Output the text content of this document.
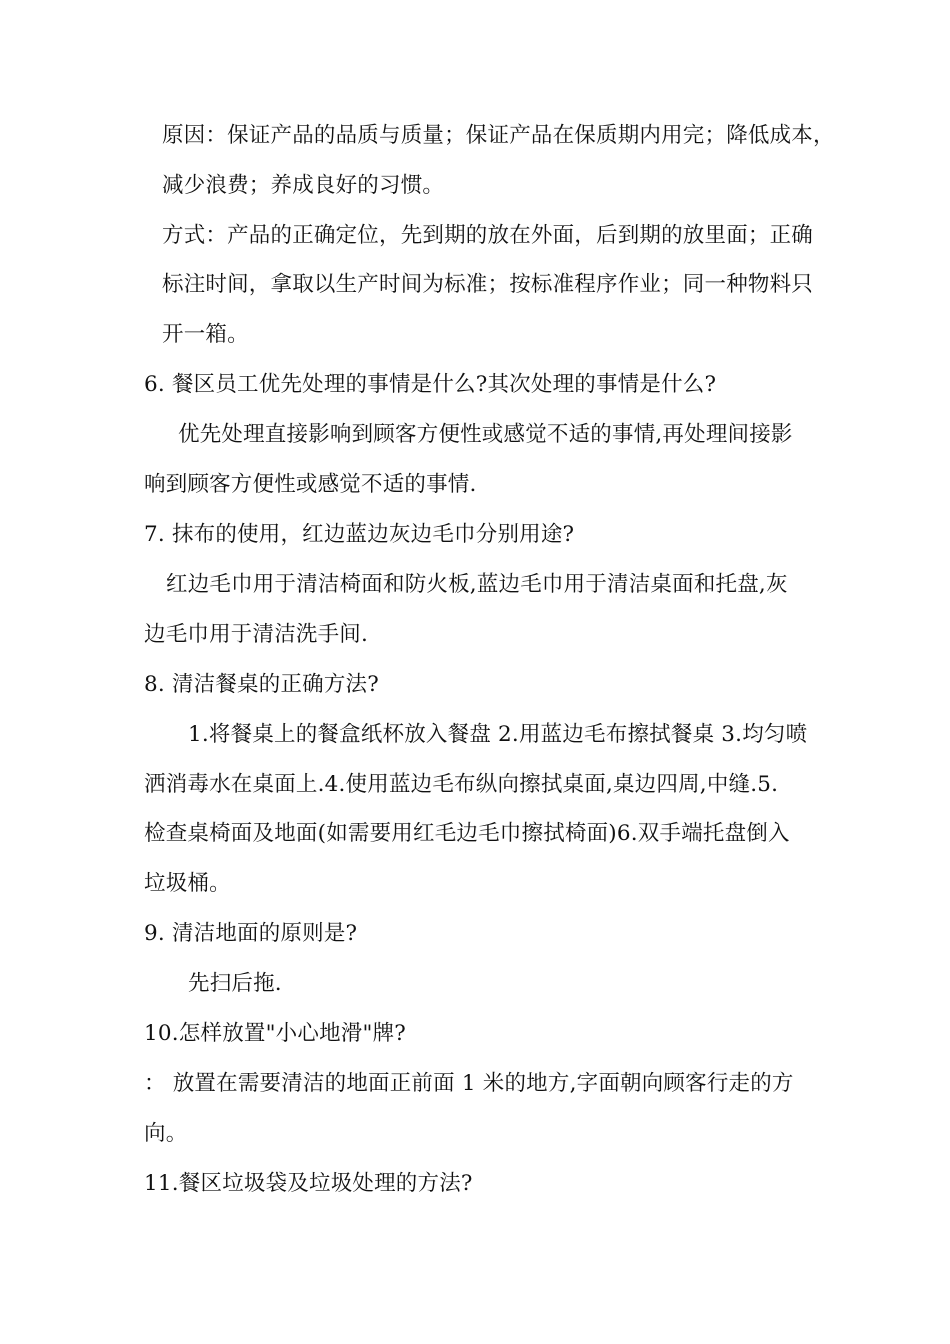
原因：保证产品的品质与质量；保证产品在保质期内用完；降低成本，
减少浪费；养成良好的习惯。
方式：产品的正确定位，先到期的放在外面，后到期的放里面；正确
标注时间，拿取以生产时间为标准；按标准程序作业；同一种物料只
开一箱。
6. 餐区员工优先处理的事情是什么?其次处理的事情是什么?
优先处理直接影响到顾客方便性或感觉不适的事情,再处理间接影
响到顾客方便性或感觉不适的事情.
7. 抹布的使用，红边蓝边灰边毛巾分别用途?
红边毛巾用于清洁椅面和防火板,蓝边毛巾用于清洁桌面和托盘,灰
边毛巾用于清洁洗手间.
8. 清洁餐桌的正确方法?
1.将餐桌上的餐盒纸杯放入餐盘 2.用蓝边毛布擦拭餐桌 3.均匀喷
洒消毒水在桌面上.4.使用蓝边毛布纵向擦拭桌面,桌边四周,中缝.5.
检查桌椅面及地面(如需要用红毛边毛巾擦拭椅面)6.双手端托盘倒入
垃圾桶。
9. 清洁地面的原则是?
先扫后拖.
10.怎样放置"小心地滑"牌?
： 放置在需要清洁的地面正前面 1 米的地方,字面朝向顾客行走的方
向。
11.餐区垃圾袋及垃圾处理的方法?
